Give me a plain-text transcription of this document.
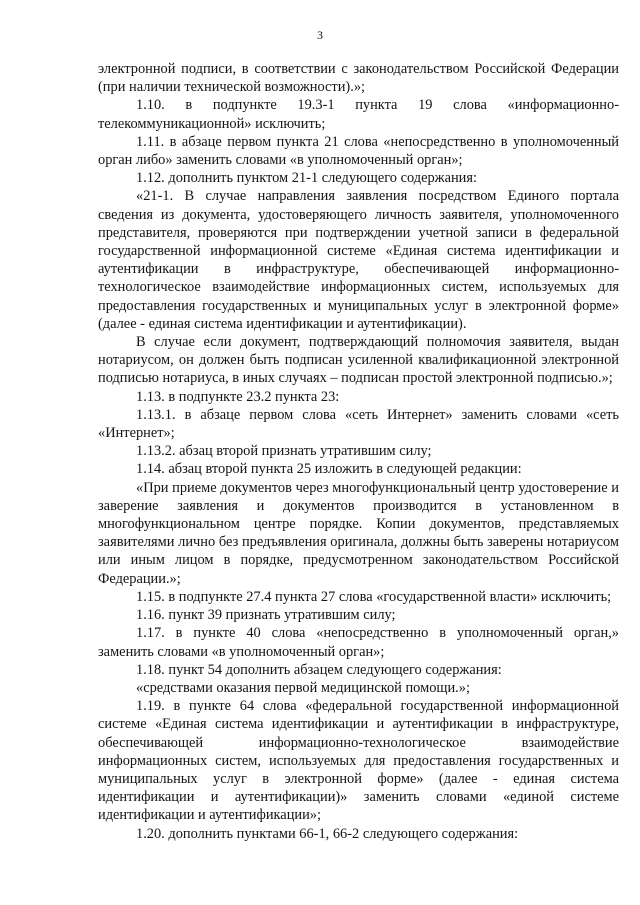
3

электронной подписи, в соответствии с законодательством Российской Федерации (при наличии технической возможности).»;

1.10. в подпункте 19.3-1 пункта 19 слова «информационно-телекоммуникационной» исключить;

1.11. в абзаце первом пункта 21 слова «непосредственно в уполномоченный орган либо» заменить словами «в уполномоченный орган»;

1.12. дополнить пунктом 21-1 следующего содержания:

«21-1. В случае направления заявления посредством Единого портала сведения из документа, удостоверяющего личность заявителя, уполномоченного представителя, проверяются при подтверждении учетной записи в федеральной государственной информационной системе «Единая система идентификации и аутентификации в инфраструктуре, обеспечивающей информационно-технологическое взаимодействие информационных систем, используемых для предоставления государственных и муниципальных услуг в электронной форме» (далее - единая система идентификации и аутентификации).

В случае если документ, подтверждающий полномочия заявителя, выдан нотариусом, он должен быть подписан усиленной квалификационной электронной подписью нотариуса, в иных случаях – подписан простой электронной подписью.»;

1.13. в подпункте 23.2 пункта 23:

1.13.1. в абзаце первом слова «сеть Интернет» заменить словами «сеть «Интернет»;

1.13.2. абзац второй признать утратившим силу;

1.14. абзац второй пункта 25 изложить в следующей редакции:

«При приеме документов через многофункциональный центр удостоверение и заверение заявления и документов производится в установленном в многофункциональном центре порядке. Копии документов, представляемых заявителями лично без предъявления оригинала, должны быть заверены нотариусом или иным лицом в порядке, предусмотренном законодательством Российской Федерации.»;

1.15. в подпункте 27.4 пункта 27 слова «государственной власти» исключить;

1.16. пункт 39 признать утратившим силу;

1.17. в пункте 40 слова «непосредственно в уполномоченный орган,» заменить словами «в уполномоченный орган»;

1.18. пункт 54 дополнить абзацем следующего содержания:

«средствами оказания первой медицинской помощи.»;

1.19. в пункте 64 слова «федеральной государственной информационной системе «Единая система идентификации и аутентификации в инфраструктуре, обеспечивающей информационно-технологическое взаимодействие информационных систем, используемых для предоставления государственных и муниципальных услуг в электронной форме» (далее - единая система идентификации и аутентификации)» заменить словами «единой системе идентификации и аутентификации»;

1.20. дополнить пунктами 66-1, 66-2 следующего содержания:
